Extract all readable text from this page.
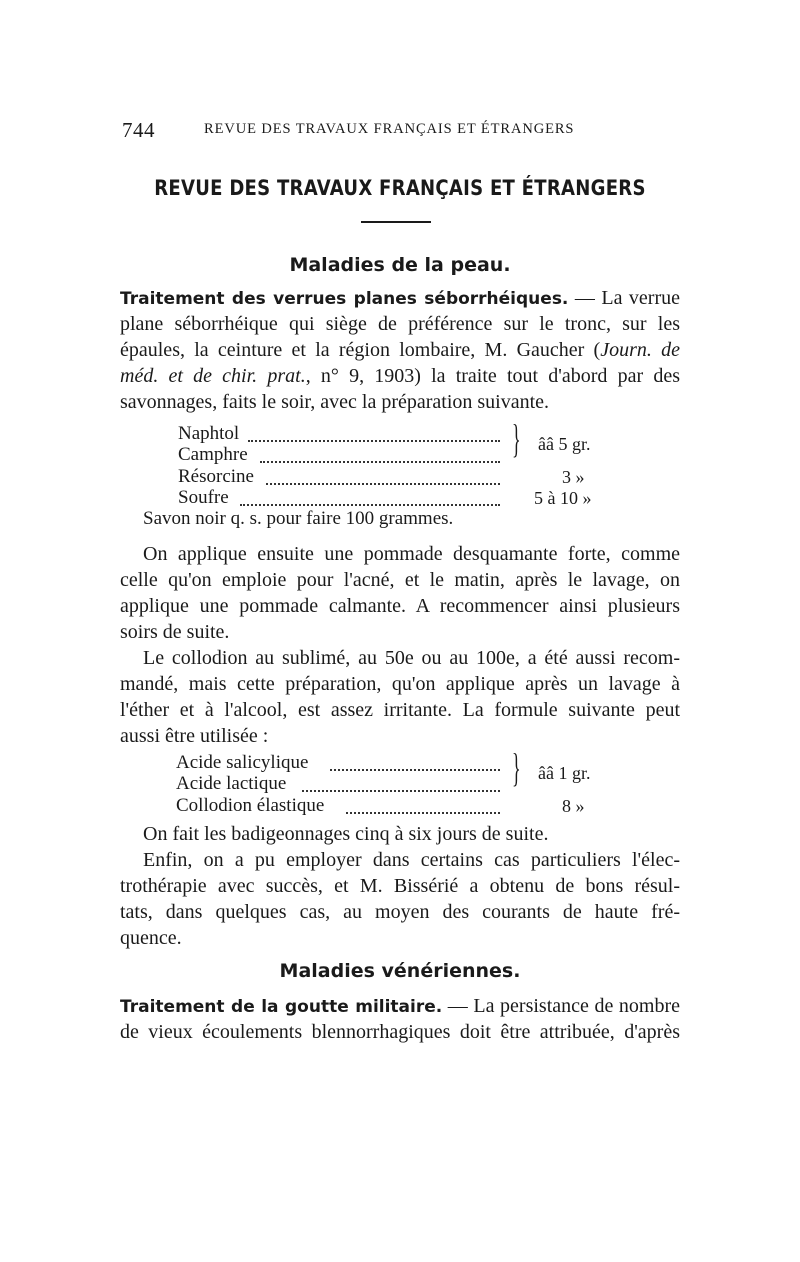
744	REVUE DES TRAVAUX FRANÇAIS ET ÉTRANGERS
REVUE DES TRAVAUX FRANÇAIS ET ÉTRANGERS
Maladies de la peau.
Traitement des verrues planes séborrhéiques. — La verrue
plane séborrhéique qui siège de préférence sur le tronc, sur les
épaules, la ceinture et la région lombaire, M. Gaucher (Journ. de
méd. et de chir. prat., n° 9, 1903) la traite tout d'abord par des
savonnages, faits le soir, avec la préparation suivante.
Naphtol
Camphre	} ââ 5 gr.
Résorcine	3 »
Soufre	5 à 10 »
Savon noir q. s. pour faire 100 grammes.
On applique ensuite une pommade desquamante forte, comme
celle qu'on emploie pour l'acné, et le matin, après le lavage, on
applique une pommade calmante. A recommencer ainsi plusieurs
soirs de suite.
Le collodion au sublimé, au 50e ou au 100e, a été aussi recom-
mandé, mais cette préparation, qu'on applique après un lavage à
l'éther et à l'alcool, est assez irritante. La formule suivante peut
aussi être utilisée :
Acide salicylique
Acide lactique	} ââ 1 gr.
Collodion élastique	8 »
On fait les badigeonnages cinq à six jours de suite.
Enfin, on a pu employer dans certains cas particuliers l'élec-
trothérapie avec succès, et M. Bissérié a obtenu de bons résul-
tats, dans quelques cas, au moyen des courants de haute fré-
quence.
Maladies vénériennes.
Traitement de la goutte militaire. — La persistance de nombre
de vieux écoulements blennorrhagiques doit être attribuée, d'après
